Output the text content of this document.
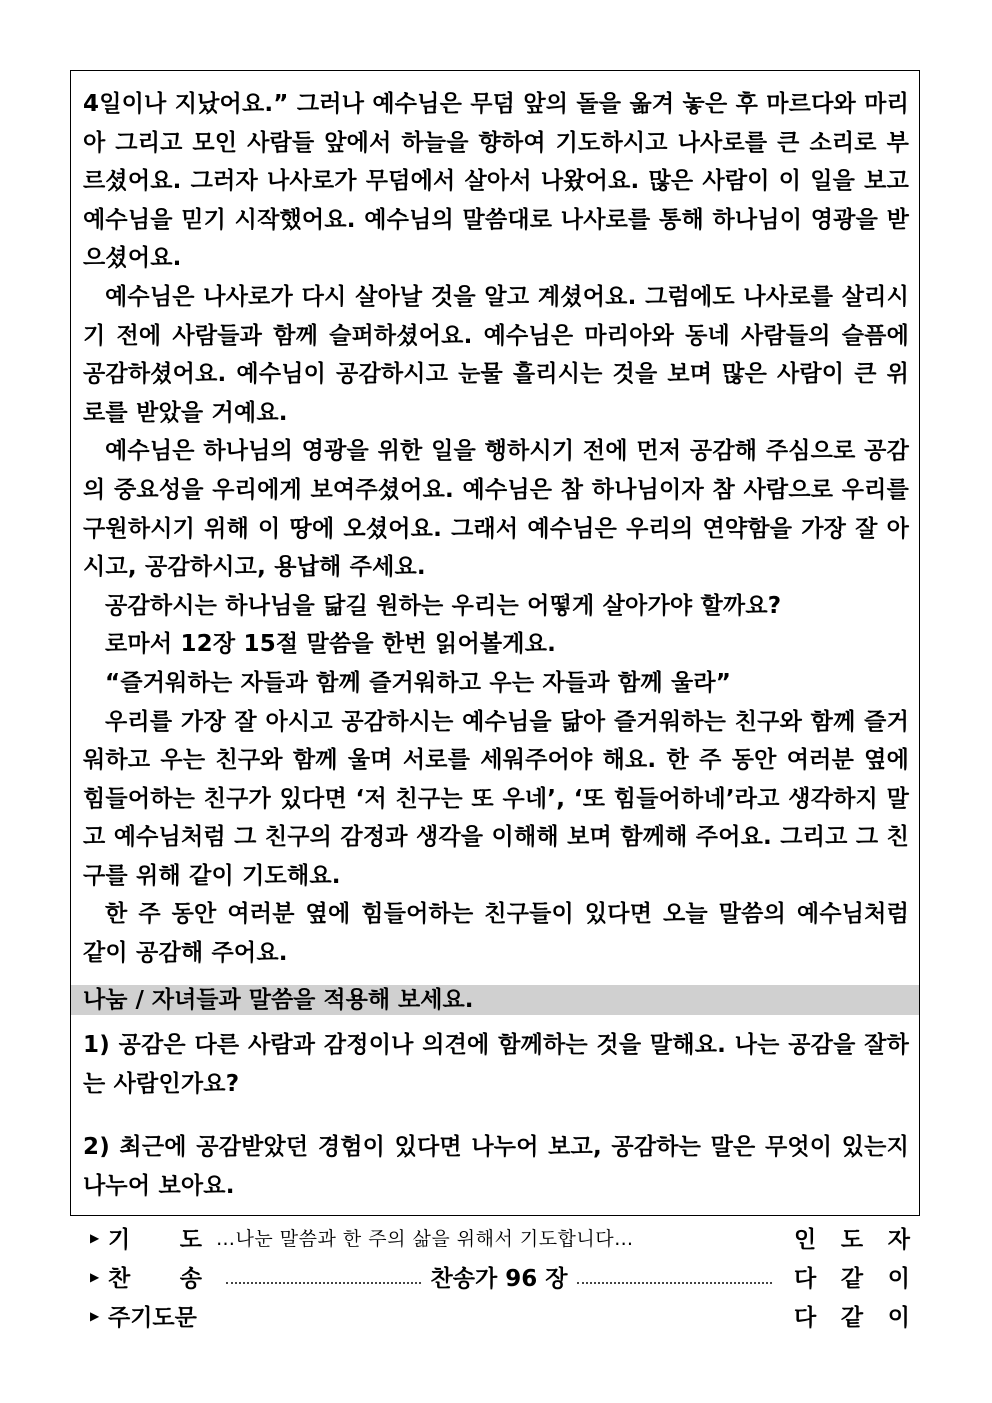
4일이나 지났어요.” 그러나 예수님은 무덤 앞의 돌을 옮겨 놓은 후 마르다와 마리아 그리고 모인 사람들 앞에서 하늘을 향하여 기도하시고 나사로를 큰 소리로 부르셨어요. 그러자 나사로가 무덤에서 살아서 나왔어요. 많은 사람이 이 일을 보고 예수님을 믿기 시작했어요. 예수님의 말씀대로 나사로를 통해 하나님이 영광을 받으셨어요.

예수님은 나사로가 다시 살아날 것을 알고 계셨어요. 그럼에도 나사로를 살리시기 전에 사람들과 함께 슬퍼하셨어요. 예수님은 마리아와 동네 사람들의 슬픔에 공감하셨어요. 예수님이 공감하시고 눈물 흘리시는 것을 보며 많은 사람이 큰 위로를 받았을 거예요.

예수님은 하나님의 영광을 위한 일을 행하시기 전에 먼저 공감해 주심으로 공감의 중요성을 우리에게 보여주셨어요. 예수님은 참 하나님이자 참 사람으로 우리를 구원하시기 위해 이 땅에 오셨어요. 그래서 예수님은 우리의 연약함을 가장 잘 아시고, 공감하시고, 용납해 주세요.

공감하시는 하나님을 닮길 원하는 우리는 어떻게 살아가야 할까요?

로마서 12장 15절 말씀을 한번 읽어볼게요.

“즐거워하는 자들과 함께 즐거워하고 우는 자들과 함께 울라”

우리를 가장 잘 아시고 공감하시는 예수님을 닮아 즐거워하는 친구와 함께 즐거워하고 우는 친구와 함께 울며 서로를 세워주어야 해요. 한 주 동안 여러분 옆에 힘들어하는 친구가 있다면 ‘저 친구는 또 우네’, ‘또 힘들어하네’라고 생각하지 말고 예수님처럼 그 친구의 감정과 생각을 이해해 보며 함께해 주어요. 그리고 그 친구를 위해 같이 기도해요.

한 주 동안 여러분 옆에 힘들어하는 친구들이 있다면 오늘 말씀의 예수님처럼 같이 공감해 주어요.

나눔 / 자녀들과 말씀을 적용해 보세요.

1) 공감은 다른 사람과 감정이나 의견에 함께하는 것을 말해요. 나는 공감을 잘하는 사람인가요?

2) 최근에 공감받았던 경험이 있다면 나누어 보고, 공감하는 말은 무엇이 있는지 나누어 보아요.

▶ 기 도 …나눈 말씀과 한 주의 삶을 위해서 기도합니다…	인 도 자
▶ 찬 송	찬송가 96 장	다 같 이
▶ 주기도문	다 같 이
